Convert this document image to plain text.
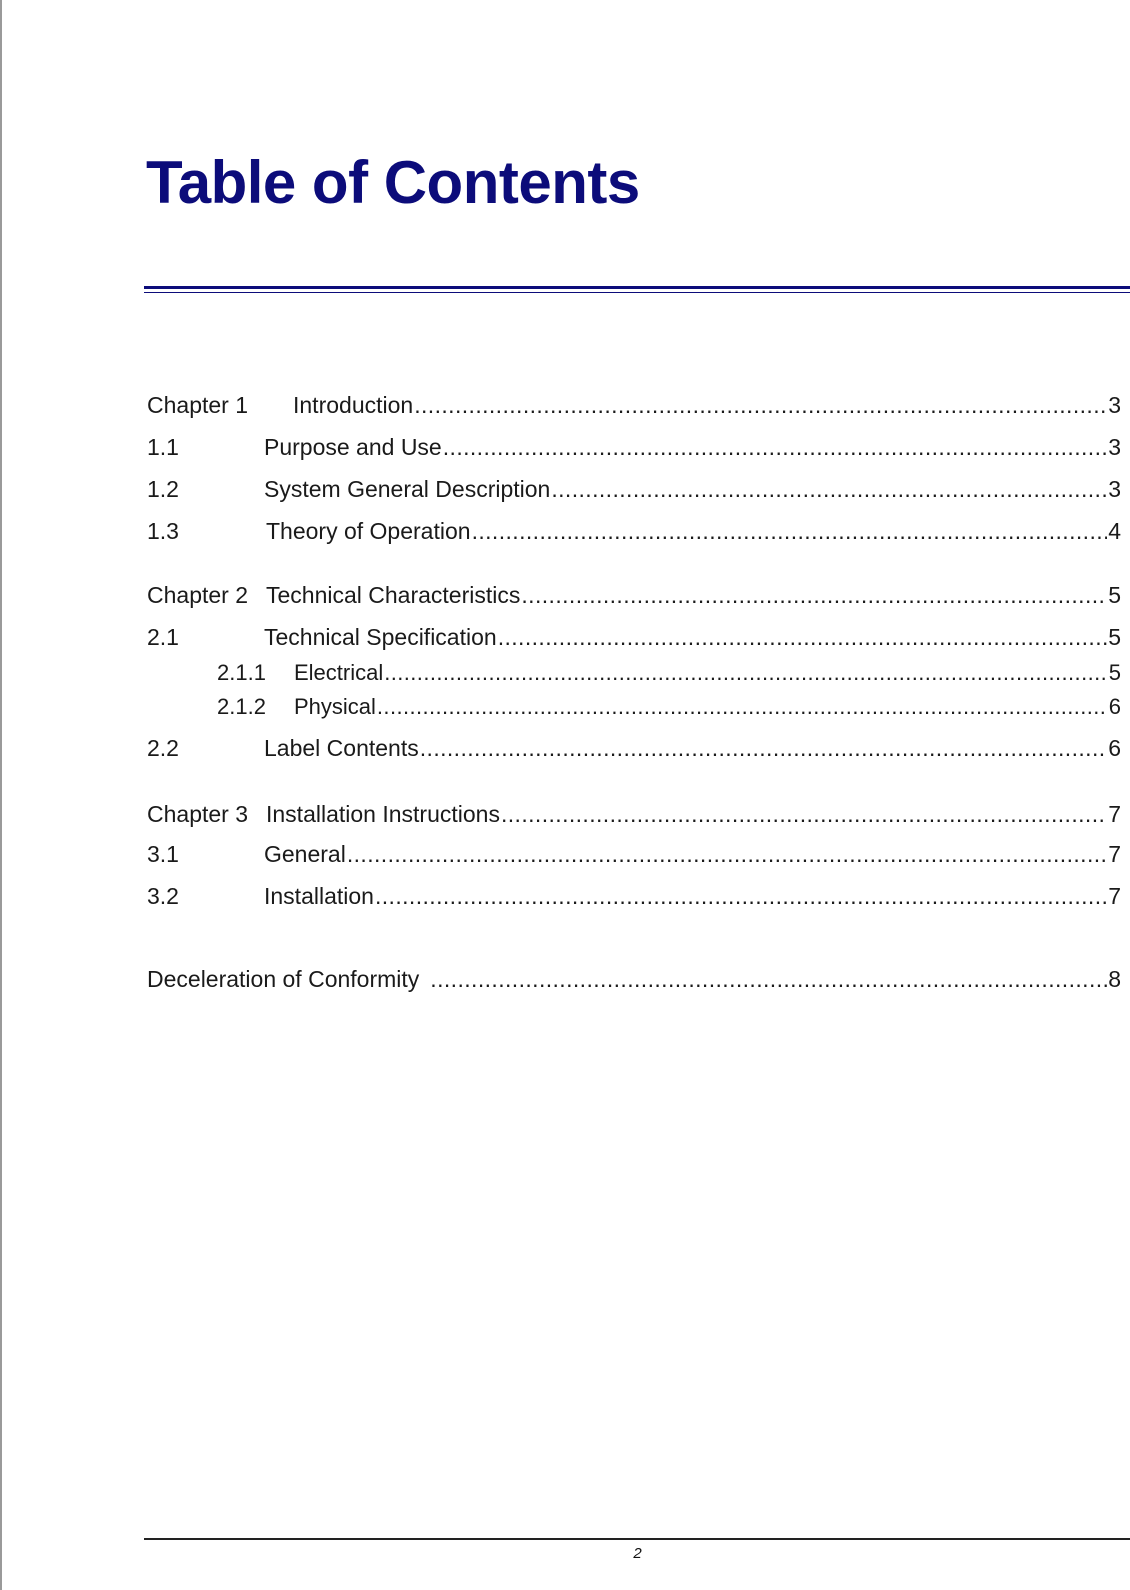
Table of Contents
Chapter 1	Introduction .....	3
1.1	Purpose and Use .....	3
1.2	System General Description .....	3
1.3	Theory of Operation .....	4
Chapter 2 Technical Characteristics .....	5
2.1	Technical Specification .....	5
2.1.1	Electrical .....	5
2.1.2	Physical .....	6
2.2	Label Contents .....	6
Chapter 3 Installation Instructions .....	7
3.1	General .....	7
3.2	Installation .....	7
Deceleration of Conformity .....	8
2
